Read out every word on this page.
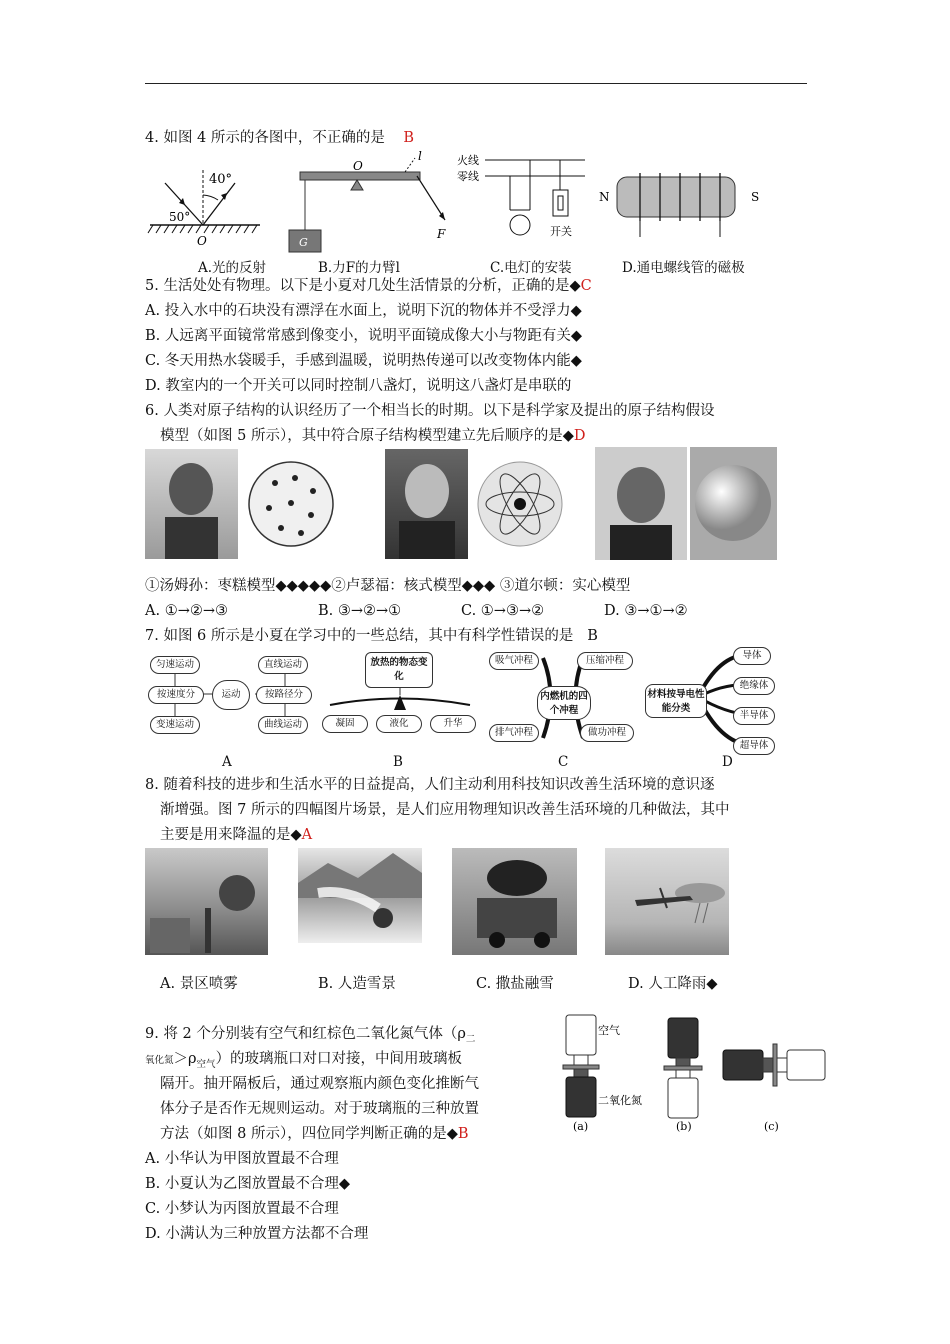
4. 如图 4 所示的各图中，不正确的是 B
40°
50°
O	G
O
l
F
火线
零线
开关
N	S
A.光的反射	B.力F的力臂l	C.电灯的安装	D.通电螺线管的磁极
5. 生活处处有物理。以下是小夏对几处生活情景的分析，正确的是◆C
A. 投入水中的石块没有漂浮在水面上，说明下沉的物体并不受浮力◆
B. 人远离平面镜常常感到像变小，说明平面镜成像大小与物距有关◆
C. 冬天用热水袋暖手，手感到温暖，说明热传递可以改变物体内能◆
D. 教室内的一个开关可以同时控制八盏灯，说明这八盏灯是串联的
6. 人类对原子结构的认识经历了一个相当长的时期。以下是科学家及提出的原子结构假设
模型（如图 5 所示），其中符合原子结构模型建立先后顺序的是◆D
①汤姆孙：枣糕模型◆◆◆◆◆②卢瑟福：核式模型◆◆◆ ③道尔顿：实心模型
A. ①→②→③	B. ③→②→①	C. ①→③→②	D. ③→①→②
7. 如图 6 所示是小夏在学习中的一些总结，其中有科学性错误的是 B
匀速运动
按速度分
变速运动
运动
直线运动
按路径分
曲线运动
放热的物态变化
凝固	液化	升华
吸气冲程	压缩冲程
内燃机的四个冲程
排气冲程	做功冲程
材料按导电性能分类
导体
绝缘体
半导体
超导体
A	B	C	D
8. 随着科技的进步和生活水平的日益提高，人们主动利用科技知识改善生活环境的意识逐
渐增强。图 7 所示的四幅图片场景，是人们应用物理知识改善生活环境的几种做法，其中
主要是用来降温的是◆A
A. 景区喷雾	B. 人造雪景	C. 撒盐融雪	D. 人工降雨◆
9. 将 2 个分别装有空气和红棕色二氧化氮气体（$\rho_二$
氧化氮$>\rho_{空气}$）的玻璃瓶口对口对接，中间用玻璃板
隔开。抽开隔板后，通过观察瓶内颜色变化推断气
体分子是否作无规则运动。对于玻璃瓶的三种放置
方法（如图 8 所示），四位同学判断正确的是◆B
空气
二氧化氮
(a)	(b)	(c)
A. 小华认为甲图放置最不合理
B. 小夏认为乙图放置最不合理◆
C. 小梦认为丙图放置最不合理
D. 小满认为三种放置方法都不合理
